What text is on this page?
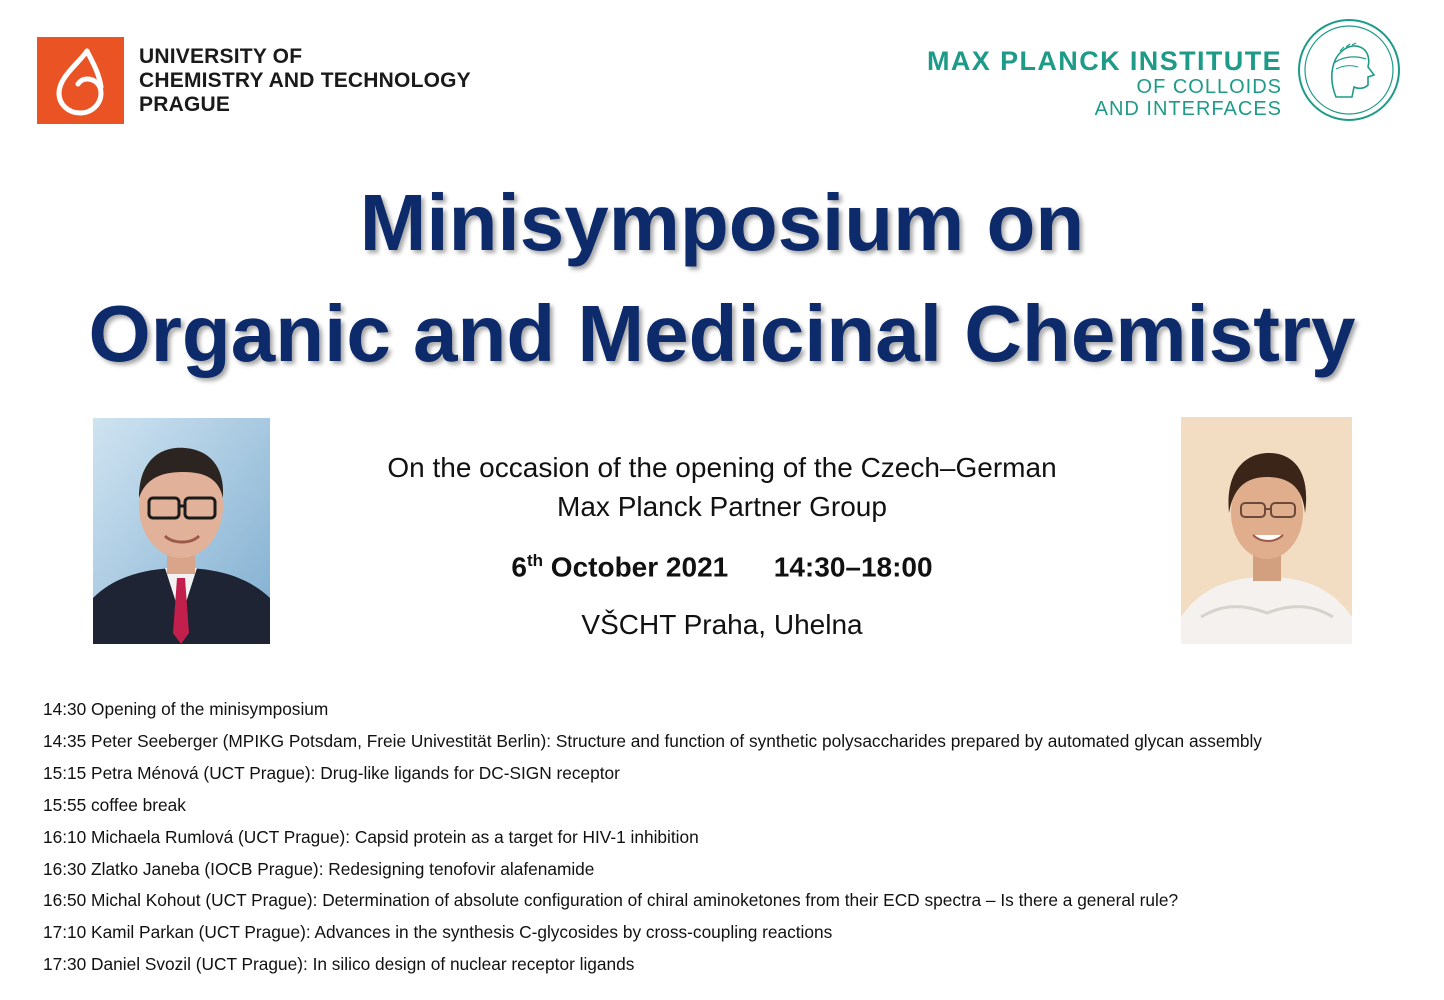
UNIVERSITY OF
CHEMISTRY AND TECHNOLOGY
PRAGUE
MAX PLANCK INSTITUTE
OF COLLOIDS
AND INTERFACES
Minisymposium on
Organic and Medicinal Chemistry
On the occasion of the opening of the Czech–German
Max Planck Partner Group
6th October 2021 14:30–18:00
VŠCHT Praha, Uhelna
14:30 Opening of the minisymposium
14:35 Peter Seeberger (MPIKG Potsdam, Freie Univestität Berlin): Structure and function of synthetic polysaccharides prepared by automated glycan assembly
15:15 Petra Ménová (UCT Prague): Drug-like ligands for DC-SIGN receptor
15:55 coffee break
16:10 Michaela Rumlová (UCT Prague): Capsid protein as a target for HIV-1 inhibition
16:30 Zlatko Janeba (IOCB Prague): Redesigning tenofovir alafenamide
16:50 Michal Kohout (UCT Prague): Determination of absolute configuration of chiral aminoketones from their ECD spectra – Is there a general rule?
17:10 Kamil Parkan (UCT Prague): Advances in the synthesis C-glycosides by cross-coupling reactions
17:30 Daniel Svozil (UCT Prague): In silico design of nuclear receptor ligands
